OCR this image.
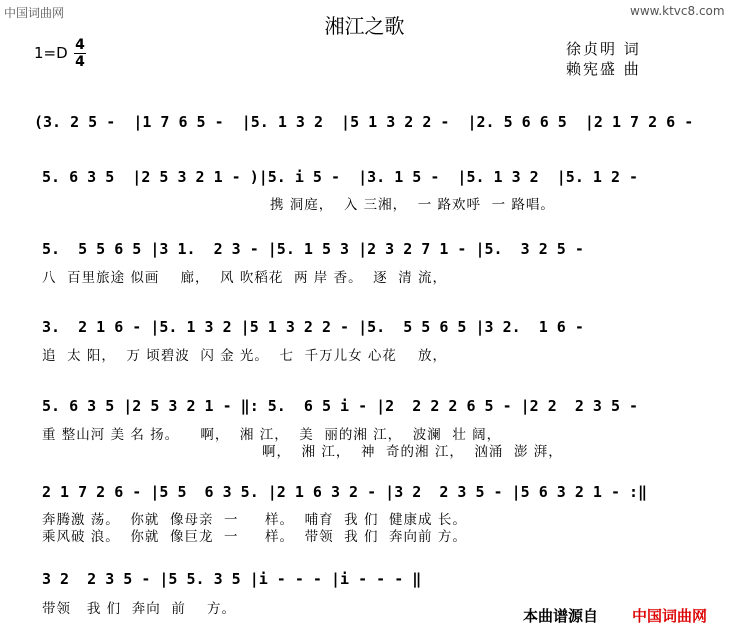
中国词曲网	www.ktvc8.com
湘江之歌
1=D 4
4
徐贞明 词
赖宪盛 曲
(3. 2 5 -  |1 7 6 5 -  |5. 1 3 2  |5 1 3 2 2 -  |2. 5 6 6 5  |2 1 7 2 6 -
5. 6 3 5  |2 5 3 2 1 - )|5. i 5 -  |3. 1 5 -  |5. 1 3 2  |5. 1 2 -
携 洞庭，  入 三湘，  一 路欢呼  一 路唱。
5.  5 5 6 5 |3 1.  2 3 - |5. 1 5 3 |2 3 2 7 1 - |5.  3 2 5 -
八  百里旅途 似画    廊，  风 吹稻花  两 岸 香。  逐  清 流，
3.  2 1 6 - |5. 1 3 2 |5 1 3 2 2 - |5.  5 5 6 5 |3 2.  1 6 -
追  太 阳，  万 顷碧波  闪 金 光。  七  千万儿女 心花    放，
5. 6 3 5 |2 5 3 2 1 - ‖: 5.  6 5 i - |2  2 2 2 6 5 - |2 2  2 3 5 -
重 整山河 美 名 扬。    啊，  湘 江，  美  丽的湘 江，  波澜  壮 阔，
啊，  湘 江，  神  奇的湘 江，  汹涌  澎 湃，
2 1 7 2 6 - |5 5  6 3 5. |2 1 6 3 2 - |3 2  2 3 5 - |5 6 3 2 1 - :‖
奔腾激 荡。  你就  像母亲  一     样。  哺育  我 们  健康成 长。
乘风破 浪。  你就  像巨龙  一     样。  带领  我 们  奔向前 方。
3 2  2 3 5 - |5 5. 3 5 |i - - - |i - - - ‖
带领   我 们  奔向  前    方。	本曲谱源自 中国词曲网
